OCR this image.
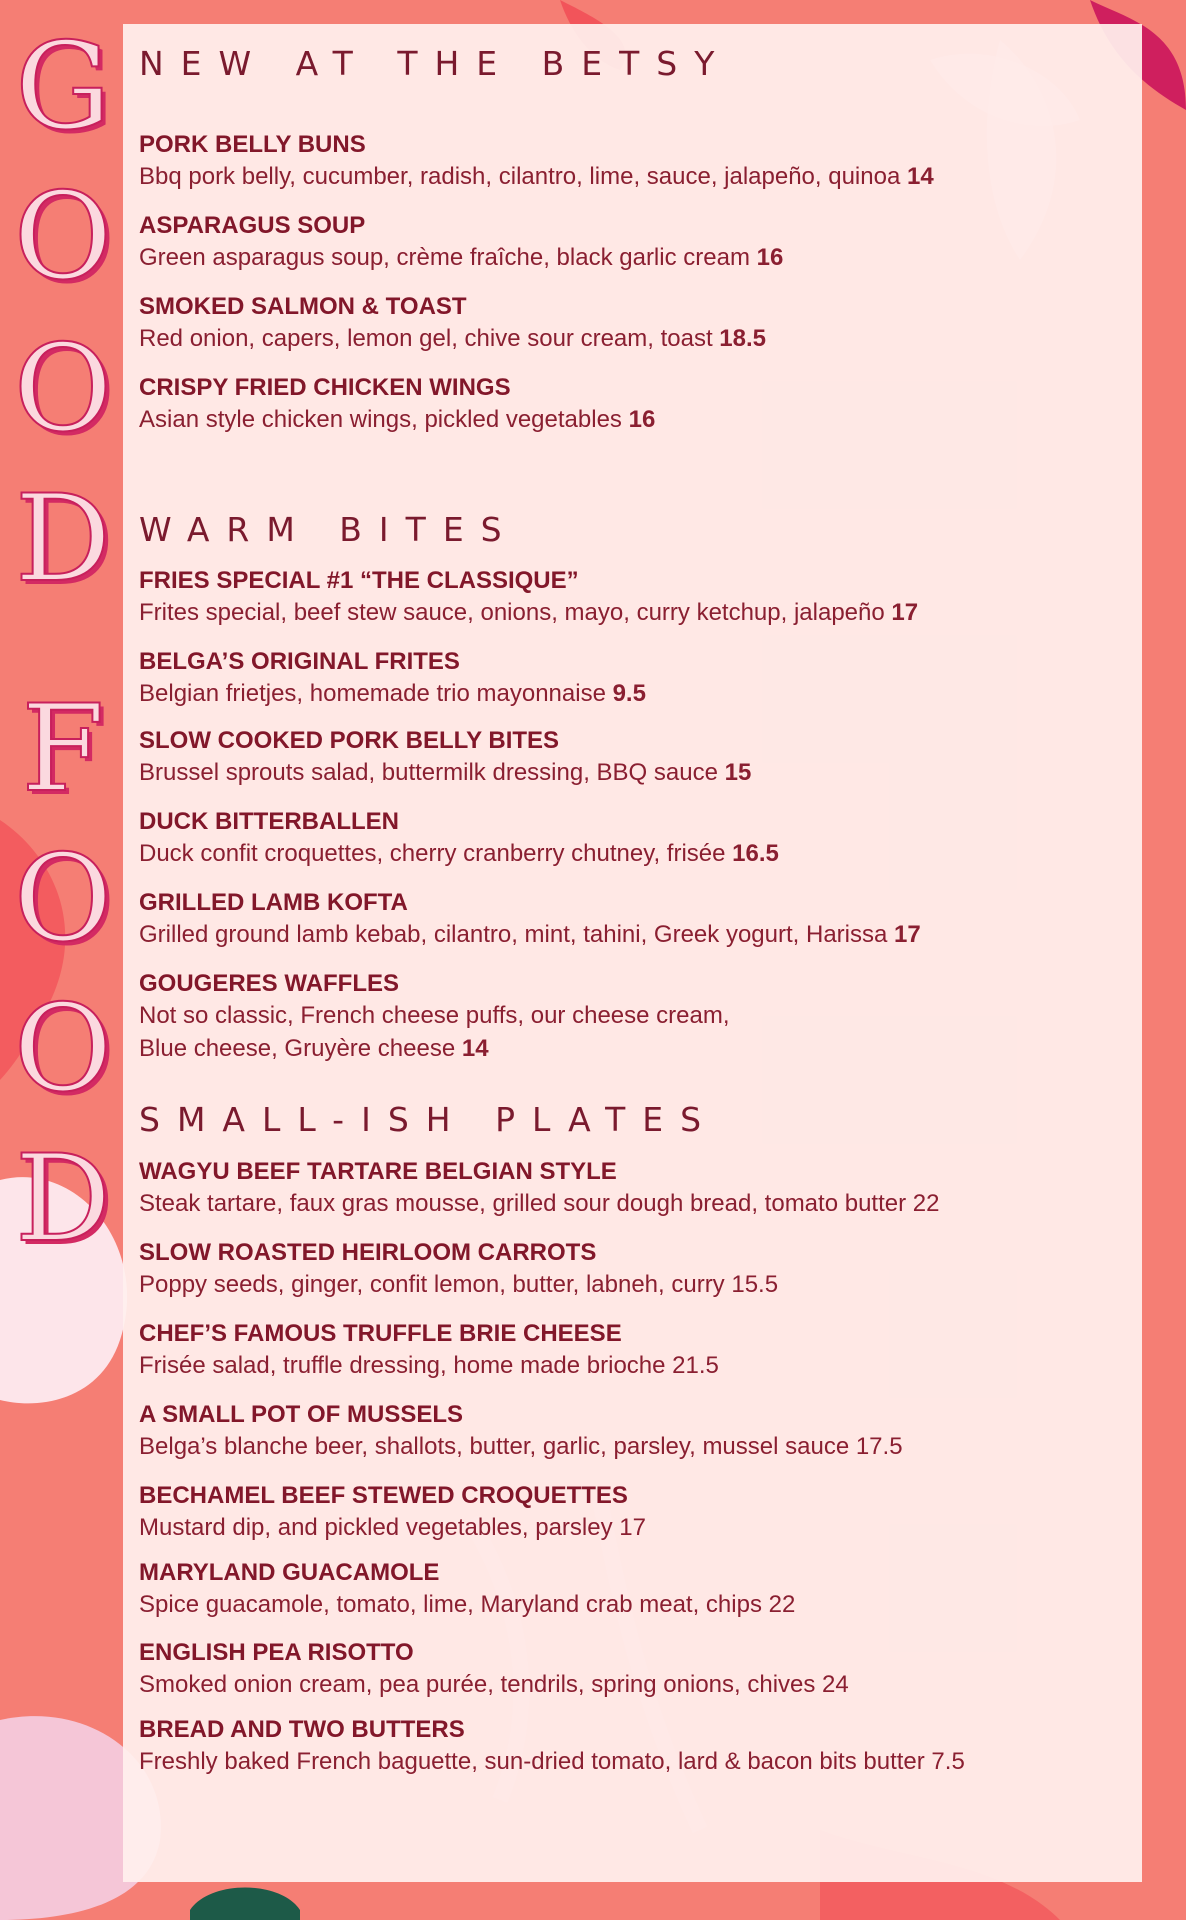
G
O
O
D
F
O
O
D
NEW AT THE BETSY
PORK BELLY BUNS
Bbq pork belly, cucumber, radish, cilantro, lime, sauce, jalapeño, quinoa 14
ASPARAGUS SOUP
Green asparagus soup, crème fraîche, black garlic cream 16
SMOKED SALMON & TOAST
Red onion, capers, lemon gel, chive sour cream, toast 18.5
CRISPY FRIED CHICKEN WINGS
Asian style chicken wings, pickled vegetables 16
WARM BITES
FRIES SPECIAL #1 “THE CLASSIQUE”
Frites special, beef stew sauce, onions, mayo, curry ketchup, jalapeño 17
BELGA’S ORIGINAL FRITES
Belgian frietjes, homemade trio mayonnaise 9.5
SLOW COOKED PORK BELLY BITES
Brussel sprouts salad, buttermilk dressing, BBQ sauce 15
DUCK BITTERBALLEN
Duck confit croquettes, cherry cranberry chutney, frisée 16.5
GRILLED LAMB KOFTA
Grilled ground lamb kebab, cilantro, mint, tahini, Greek yogurt, Harissa 17
GOUGERES WAFFLES
Not so classic, French cheese puffs, our cheese cream,
Blue cheese, Gruyère cheese 14
SMALL-ISH PLATES
WAGYU BEEF TARTARE BELGIAN STYLE
Steak tartare, faux gras mousse, grilled sour dough bread, tomato butter 22
SLOW ROASTED HEIRLOOM CARROTS
Poppy seeds, ginger, confit lemon, butter, labneh, curry 15.5
CHEF’S FAMOUS TRUFFLE BRIE CHEESE
Frisée salad, truffle dressing, home made brioche 21.5
A SMALL POT OF MUSSELS
Belga’s blanche beer, shallots, butter, garlic, parsley, mussel sauce 17.5
BECHAMEL BEEF STEWED CROQUETTES
Mustard dip, and pickled vegetables, parsley 17
MARYLAND GUACAMOLE
Spice guacamole, tomato, lime, Maryland crab meat, chips 22
ENGLISH PEA RISOTTO
Smoked onion cream, pea purée, tendrils, spring onions, chives 24
BREAD AND TWO BUTTERS
Freshly baked French baguette, sun-dried tomato, lard & bacon bits butter 7.5
